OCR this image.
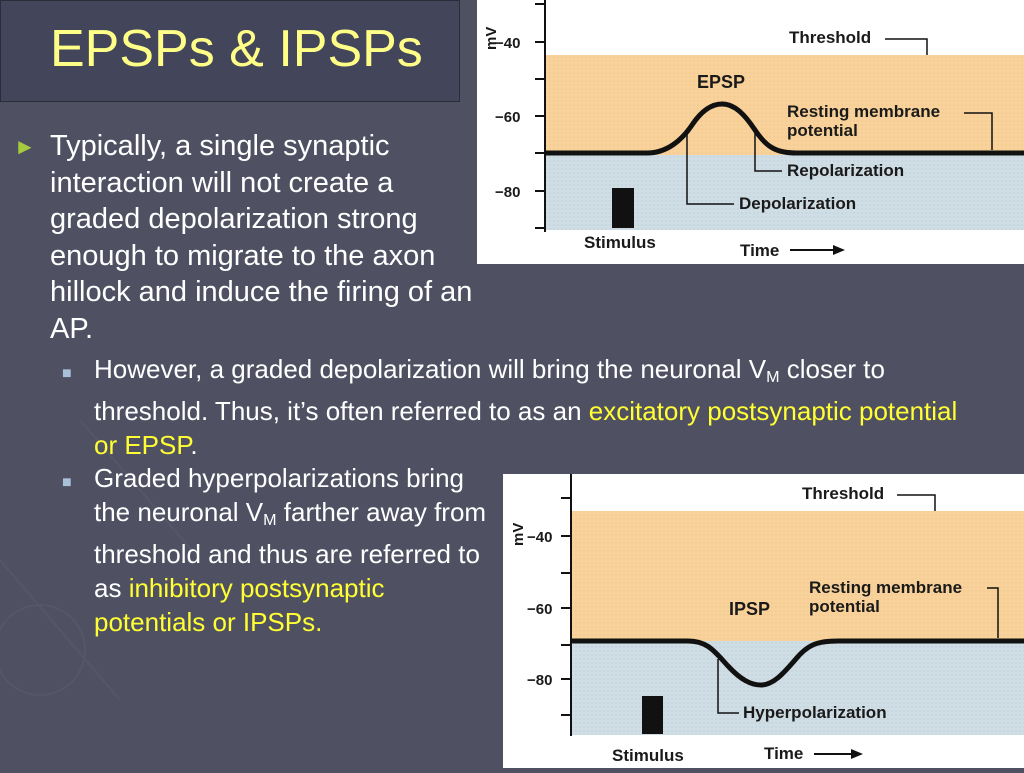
EPSPs & IPSPs
► Typically, a single synaptic interaction will not create a graded depolarization strong enough to migrate to the axon hillock and induce the firing of an AP.

■ However, a graded depolarization will bring the neuronal $V_M$ closer to threshold. Thus, it’s often referred to as an excitatory postsynaptic potential or EPSP.

■ Graded hyperpolarizations bring the neuronal $V_M$ farther away from threshold and thus are referred to as inhibitory postsynaptic potentials or IPSPs.

mV
−40
−60
−80
Threshold
EPSP
Resting membrane
potential
Repolarization
Depolarization
Stimulus	Time
mV −40
−60
−80
Threshold
IPSP
Resting membrane
potential
Hyperpolarization
Stimulus	Time
